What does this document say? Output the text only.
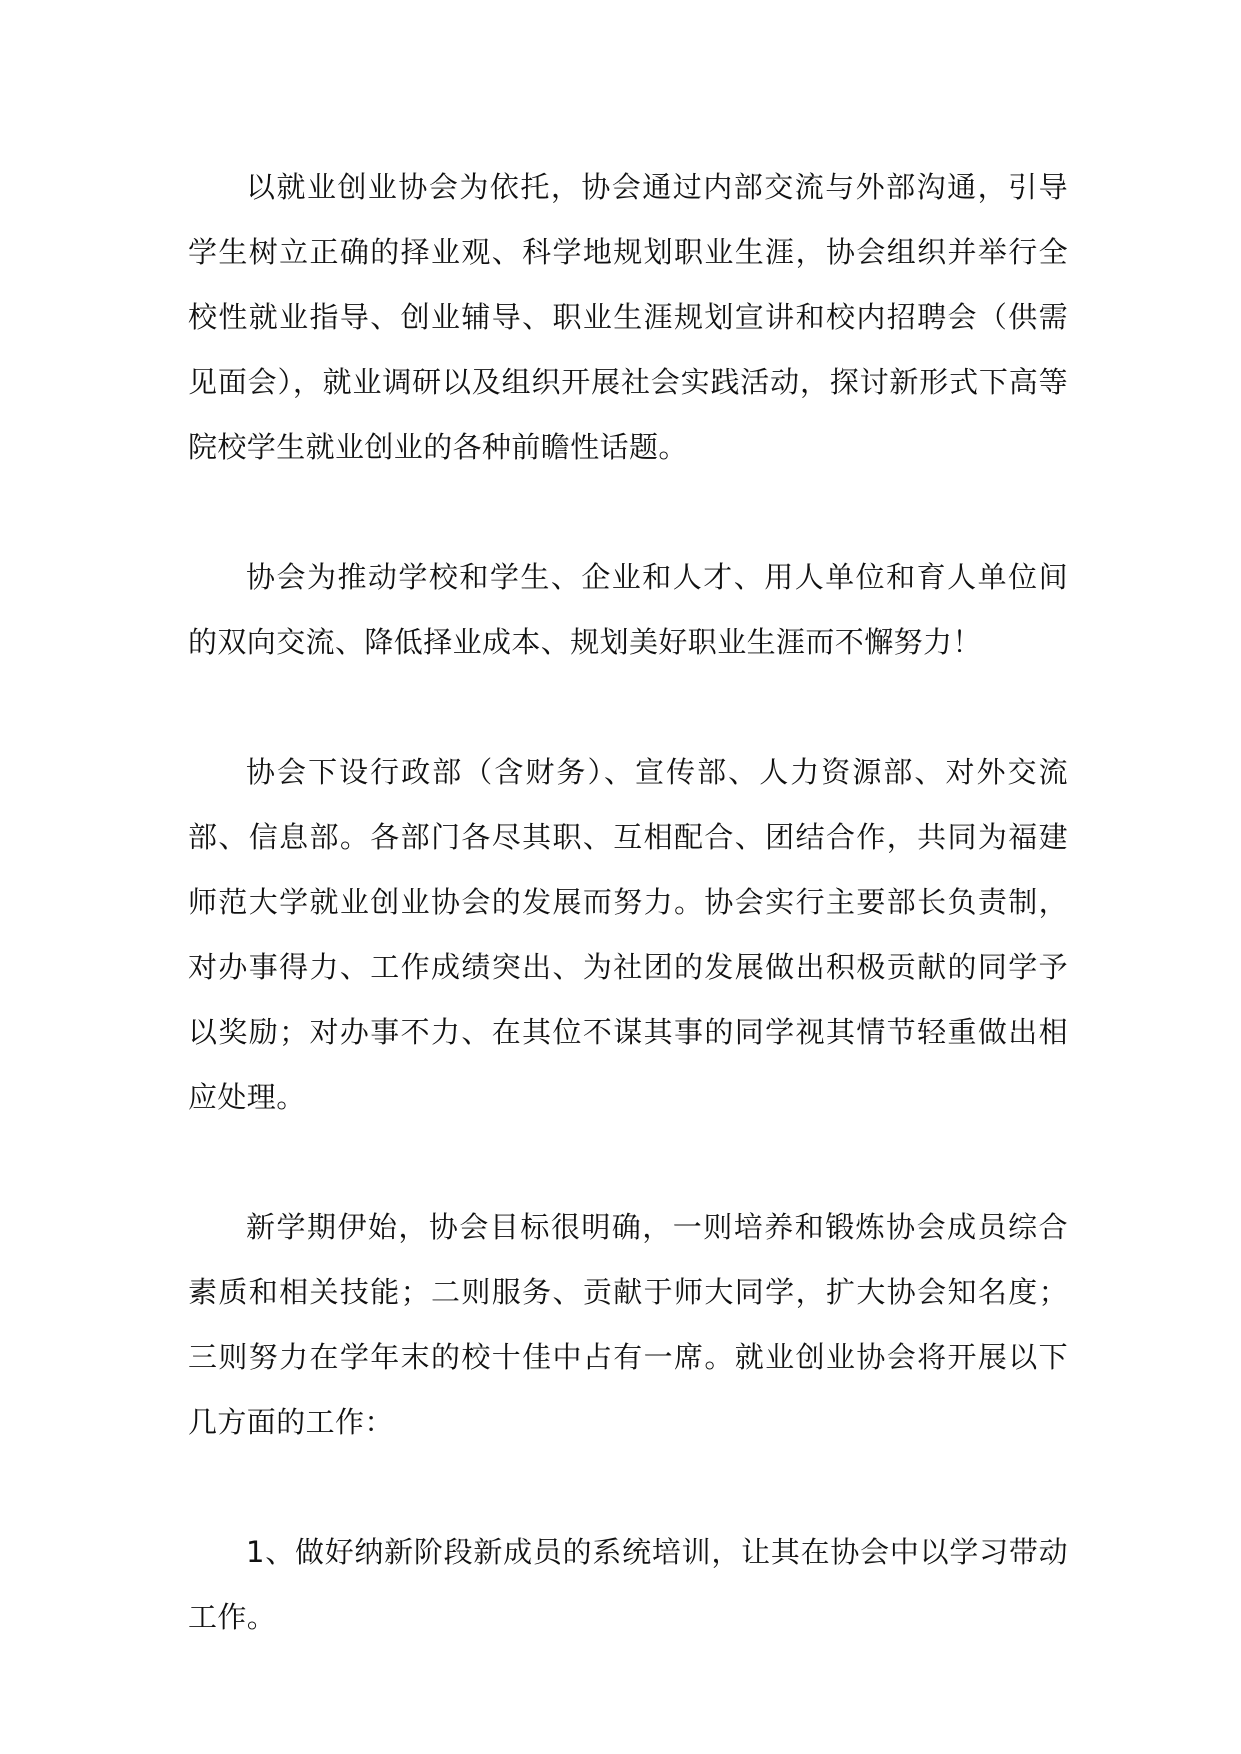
以就业创业协会为依托，协会通过内部交流与外部沟通，引导学生树立正确的择业观、科学地规划职业生涯，协会组织并举行全校性就业指导、创业辅导、职业生涯规划宣讲和校内招聘会（供需见面会），就业调研以及组织开展社会实践活动，探讨新形式下高等院校学生就业创业的各种前瞻性话题。

协会为推动学校和学生、企业和人才、用人单位和育人单位间的双向交流、降低择业成本、规划美好职业生涯而不懈努力！

协会下设行政部（含财务）、宣传部、人力资源部、对外交流部、信息部。各部门各尽其职、互相配合、团结合作，共同为福建师范大学就业创业协会的发展而努力。协会实行主要部长负责制，对办事得力、工作成绩突出、为社团的发展做出积极贡献的同学予以奖励；对办事不力、在其位不谋其事的同学视其情节轻重做出相应处理。

新学期伊始，协会目标很明确，一则培养和锻炼协会成员综合素质和相关技能；二则服务、贡献于师大同学，扩大协会知名度；三则努力在学年末的校十佳中占有一席。就业创业协会将开展以下几方面的工作：

1、做好纳新阶段新成员的系统培训，让其在协会中以学习带动工作。
